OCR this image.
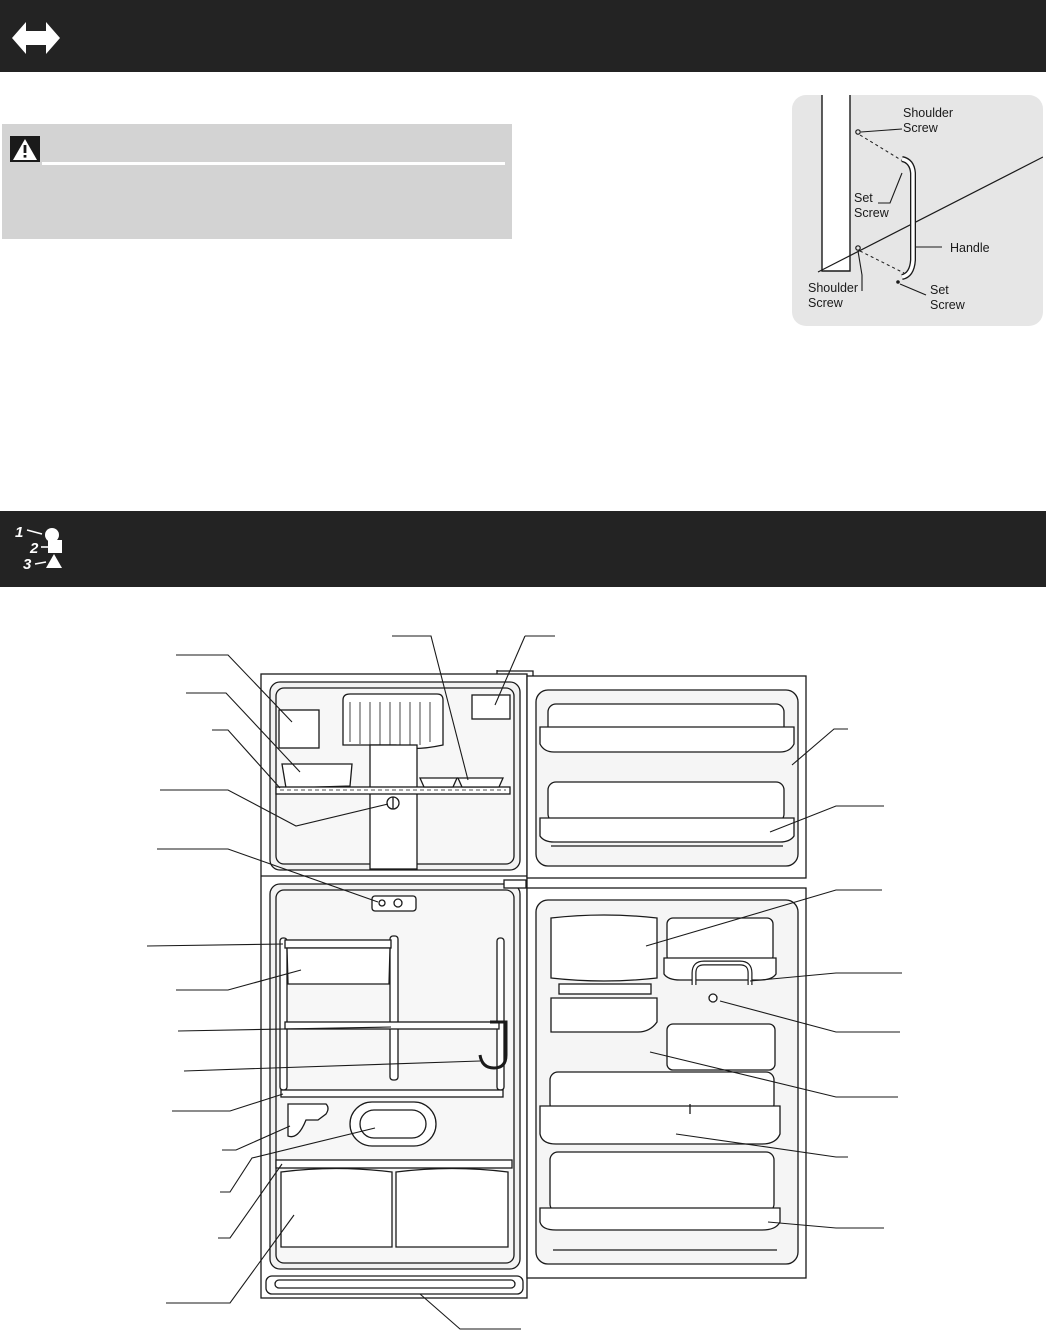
Shoulder
Screw
Set
Screw
Handle
Shoulder
Screw
Set
Screw
1
2
3
